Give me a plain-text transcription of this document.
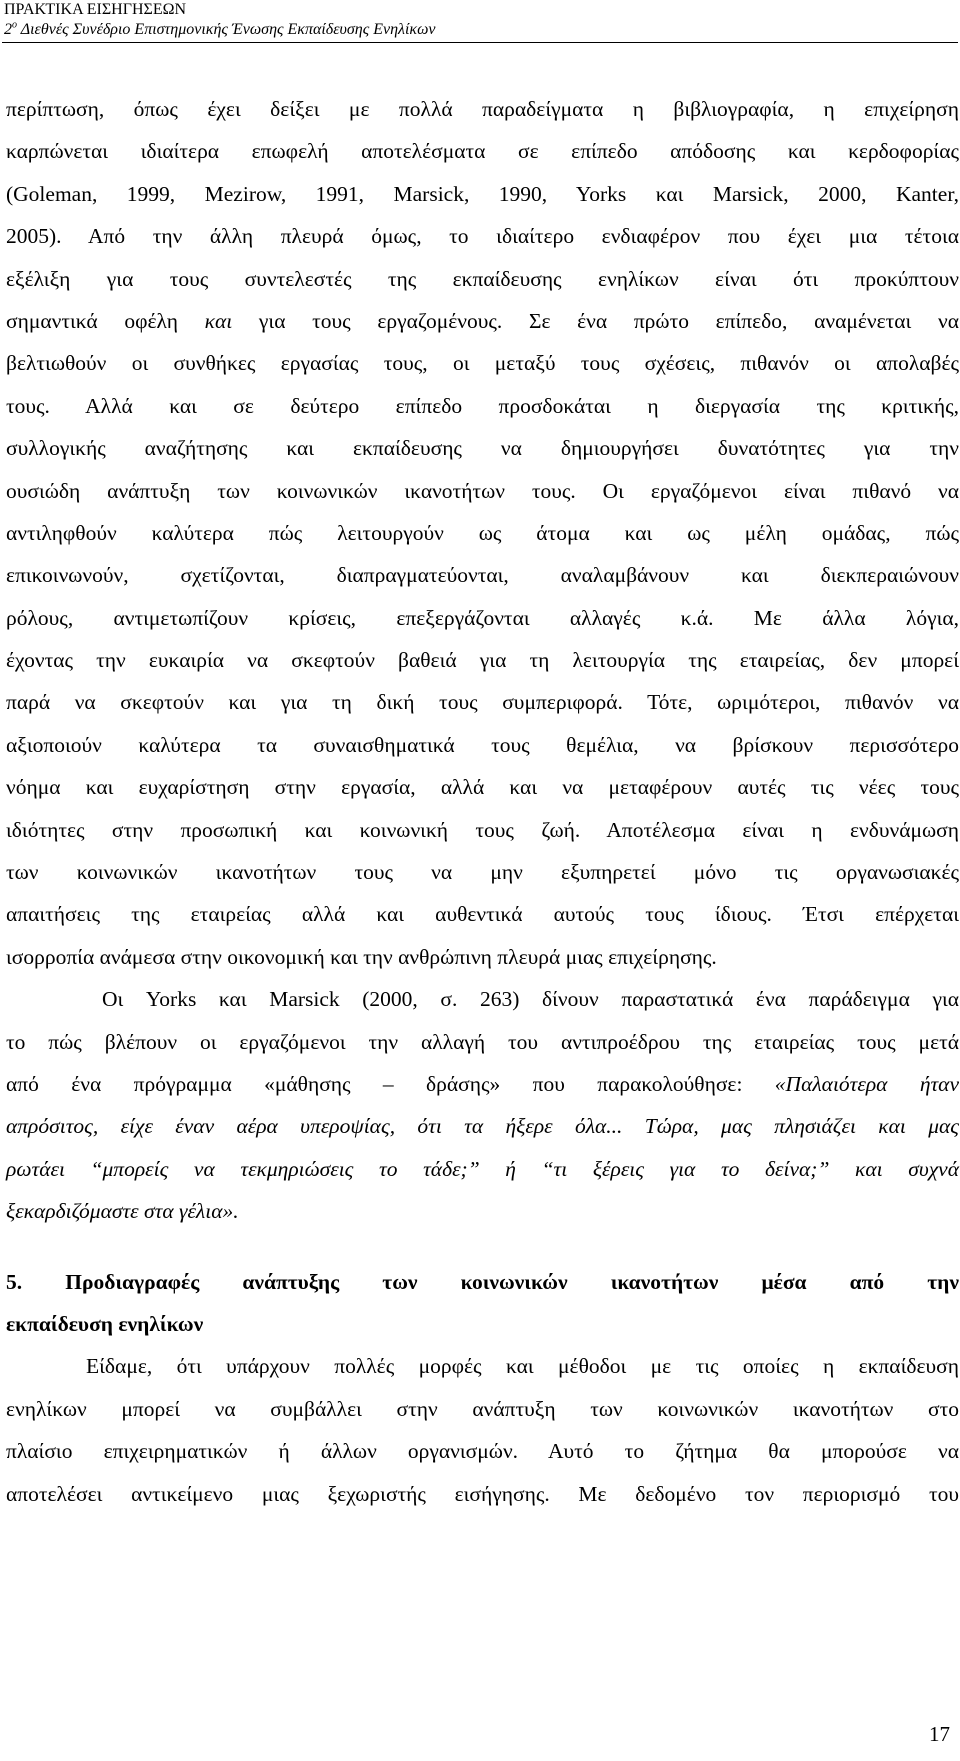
ΠΡΑΚΤΙΚΑ ΕΙΣΗΓΗΣΕΩΝ
$2^o$ Διεθνές Συνέδριο Επιστημονικής Ένωσης Εκπαίδευσης Ενηλίκων
περίπτωση, όπως έχει δείξει με πολλά παραδείγματα η βιβλιογραφία, η επιχείρηση
καρπώνεται ιδιαίτερα επωφελή αποτελέσματα σε επίπεδο απόδοσης και κερδοφορίας
(Goleman, 1999, Mezirow, 1991, Marsick, 1990, Yorks και Marsick, 2000, Kanter,
2005). Από την άλλη πλευρά όμως, το ιδιαίτερο ενδιαφέρον που έχει μια τέτοια
εξέλιξη για τους συντελεστές της εκπαίδευσης ενηλίκων είναι ότι προκύπτουν
σημαντικά οφέλη και για τους εργαζομένους. Σε ένα πρώτο επίπεδο, αναμένεται να
βελτιωθούν οι συνθήκες εργασίας τους, οι μεταξύ τους σχέσεις, πιθανόν οι απολαβές
τους. Αλλά και σε δεύτερο επίπεδο προσδοκάται η διεργασία της κριτικής,
συλλογικής αναζήτησης και εκπαίδευσης να δημιουργήσει δυνατότητες για την
ουσιώδη ανάπτυξη των κοινωνικών ικανοτήτων τους. Οι εργαζόμενοι είναι πιθανό να
αντιληφθούν καλύτερα πώς λειτουργούν ως άτομα και ως μέλη ομάδας, πώς
επικοινωνούν, σχετίζονται, διαπραγματεύονται, αναλαμβάνουν και διεκπεραιώνουν
ρόλους, αντιμετωπίζουν κρίσεις, επεξεργάζονται αλλαγές κ.ά. Με άλλα λόγια,
έχοντας την ευκαιρία να σκεφτούν βαθειά για τη λειτουργία της εταιρείας, δεν μπορεί
παρά να σκεφτούν και για τη δική τους συμπεριφορά. Τότε, ωριμότεροι, πιθανόν να
αξιοποιούν καλύτερα τα συναισθηματικά τους θεμέλια, να βρίσκουν περισσότερο
νόημα και ευχαρίστηση στην εργασία, αλλά και να μεταφέρουν αυτές τις νέες τους
ιδιότητες στην προσωπική και κοινωνική τους ζωή. Αποτέλεσμα είναι η ενδυνάμωση
των κοινωνικών ικανοτήτων τους να μην εξυπηρετεί μόνο τις οργανωσιακές
απαιτήσεις της εταιρείας αλλά και αυθεντικά αυτούς τους ίδιους. Έτσι επέρχεται
ισορροπία ανάμεσα στην οικονομική και την ανθρώπινη πλευρά μιας επιχείρησης.
Οι Yorks και Marsick (2000, σ. 263) δίνουν παραστατικά ένα παράδειγμα για
το πώς βλέπουν οι εργαζόμενοι την αλλαγή του αντιπροέδρου της εταιρείας τους μετά
από ένα πρόγραμμα «μάθησης – δράσης» που παρακολούθησε: «Παλαιότερα ήταν
απρόσιτος, είχε έναν αέρα υπεροψίας, ότι τα ήξερε όλα... Τώρα, μας πλησιάζει και μας
ρωτάει “μπορείς να τεκμηριώσεις το τάδε;” ή “τι ξέρεις για το δείνα;” και συχνά
ξεκαρδιζόμαστε στα γέλια».
5. Προδιαγραφές ανάπτυξης των κοινωνικών ικανοτήτων μέσα από την
εκπαίδευση ενηλίκων
Είδαμε, ότι υπάρχουν πολλές μορφές και μέθοδοι με τις οποίες η εκπαίδευση
ενηλίκων μπορεί να συμβάλλει στην ανάπτυξη των κοινωνικών ικανοτήτων στο
πλαίσιο επιχειρηματικών ή άλλων οργανισμών. Αυτό το ζήτημα θα μπορούσε να
αποτελέσει αντικείμενο μιας ξεχωριστής εισήγησης. Με δεδομένο τον περιορισμό του
17
